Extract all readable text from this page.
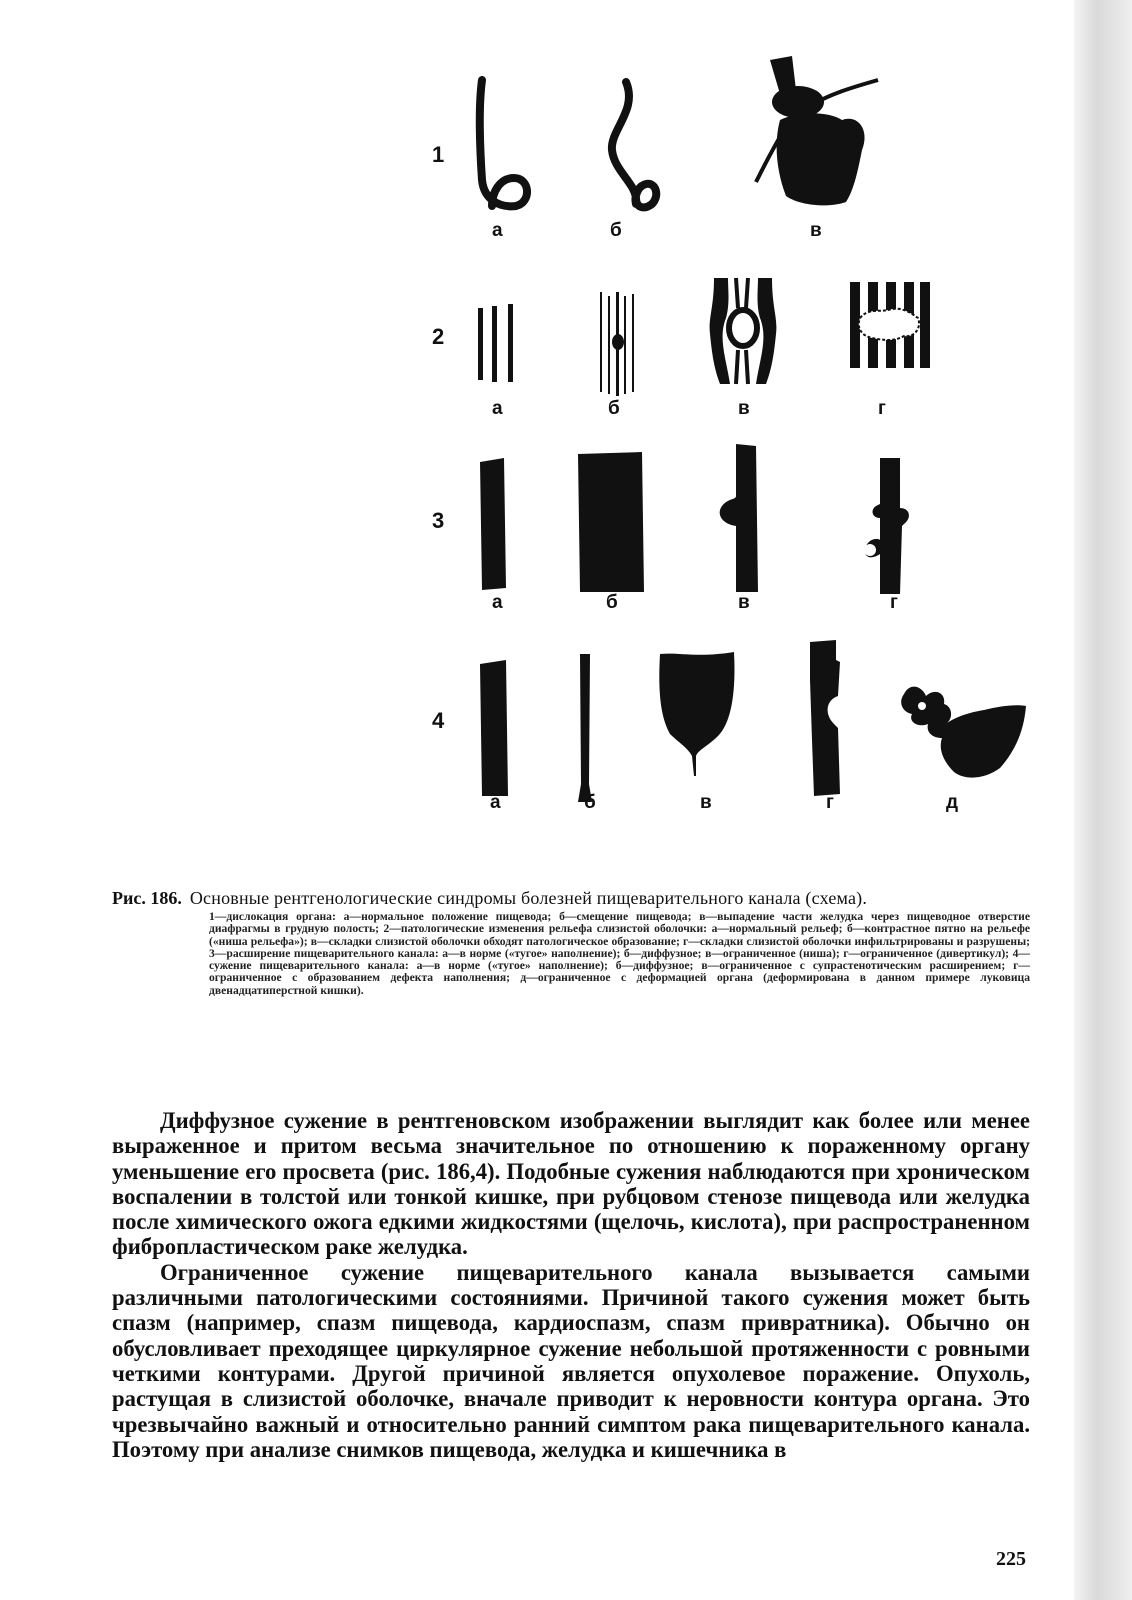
1
а	б	в
2
а	б	в	г
3
а	б	в	г
4
а	б	в	г	д
Рис. 186. Основные рентгенологические синдромы болезней пищеварительного канала (схема).
1—дислокация органа: а—нормальное положение пищевода; б—смещение пищевода; в—выпадение части желудка через пищеводное отверстие диафрагмы в грудную полость; 2—патологические изменения рельефа слизистой оболочки: а—нормальный рельеф; б—контрастное пятно на рельефе («ниша рельефа»); в—складки слизистой оболочки обходят патологическое образование; г—складки слизистой оболочки инфильтрированы и разрушены; 3—расширение пищеварительного канала: а—в норме («тугое» наполнение); б—диффузное; в—ограниченное (ниша); г—ограниченное (дивертикул); 4—сужение пищеварительного канала: а—в норме («тугое» наполнение); б—диффузное; в—ограниченное с супрастенотическим расширением; г—ограниченное с образованием дефекта наполнения; д—ограниченное с деформацией органа (деформирована в данном примере луковица двенадцатиперстной кишки).

Диффузное сужение в рентгеновском изображении выглядит как более или менее выраженное и притом весьма значительное по отношению к пораженному органу уменьшение его просвета (рис. 186,4). Подобные сужения наблюдаются при хроническом воспалении в толстой или тонкой кишке, при рубцовом стенозе пищевода или желудка после химического ожога едкими жидкостями (щелочь, кислота), при распространенном фибропластическом раке желудка.

Ограниченное сужение пищеварительного канала вызывается самыми различными патологическими состояниями. Причиной такого сужения может быть спазм (например, спазм пищевода, кардиоспазм, спазм привратника). Обычно он обусловливает преходящее циркулярное сужение небольшой протяженности с ровными четкими контурами. Другой причиной является опухолевое поражение. Опухоль, растущая в слизистой оболочке, вначале приводит к неровности контура органа. Это чрезвычайно важный и относительно ранний симптом рака пищеварительного канала. Поэтому при анализе снимков пищевода, желудка и кишечника в

225
